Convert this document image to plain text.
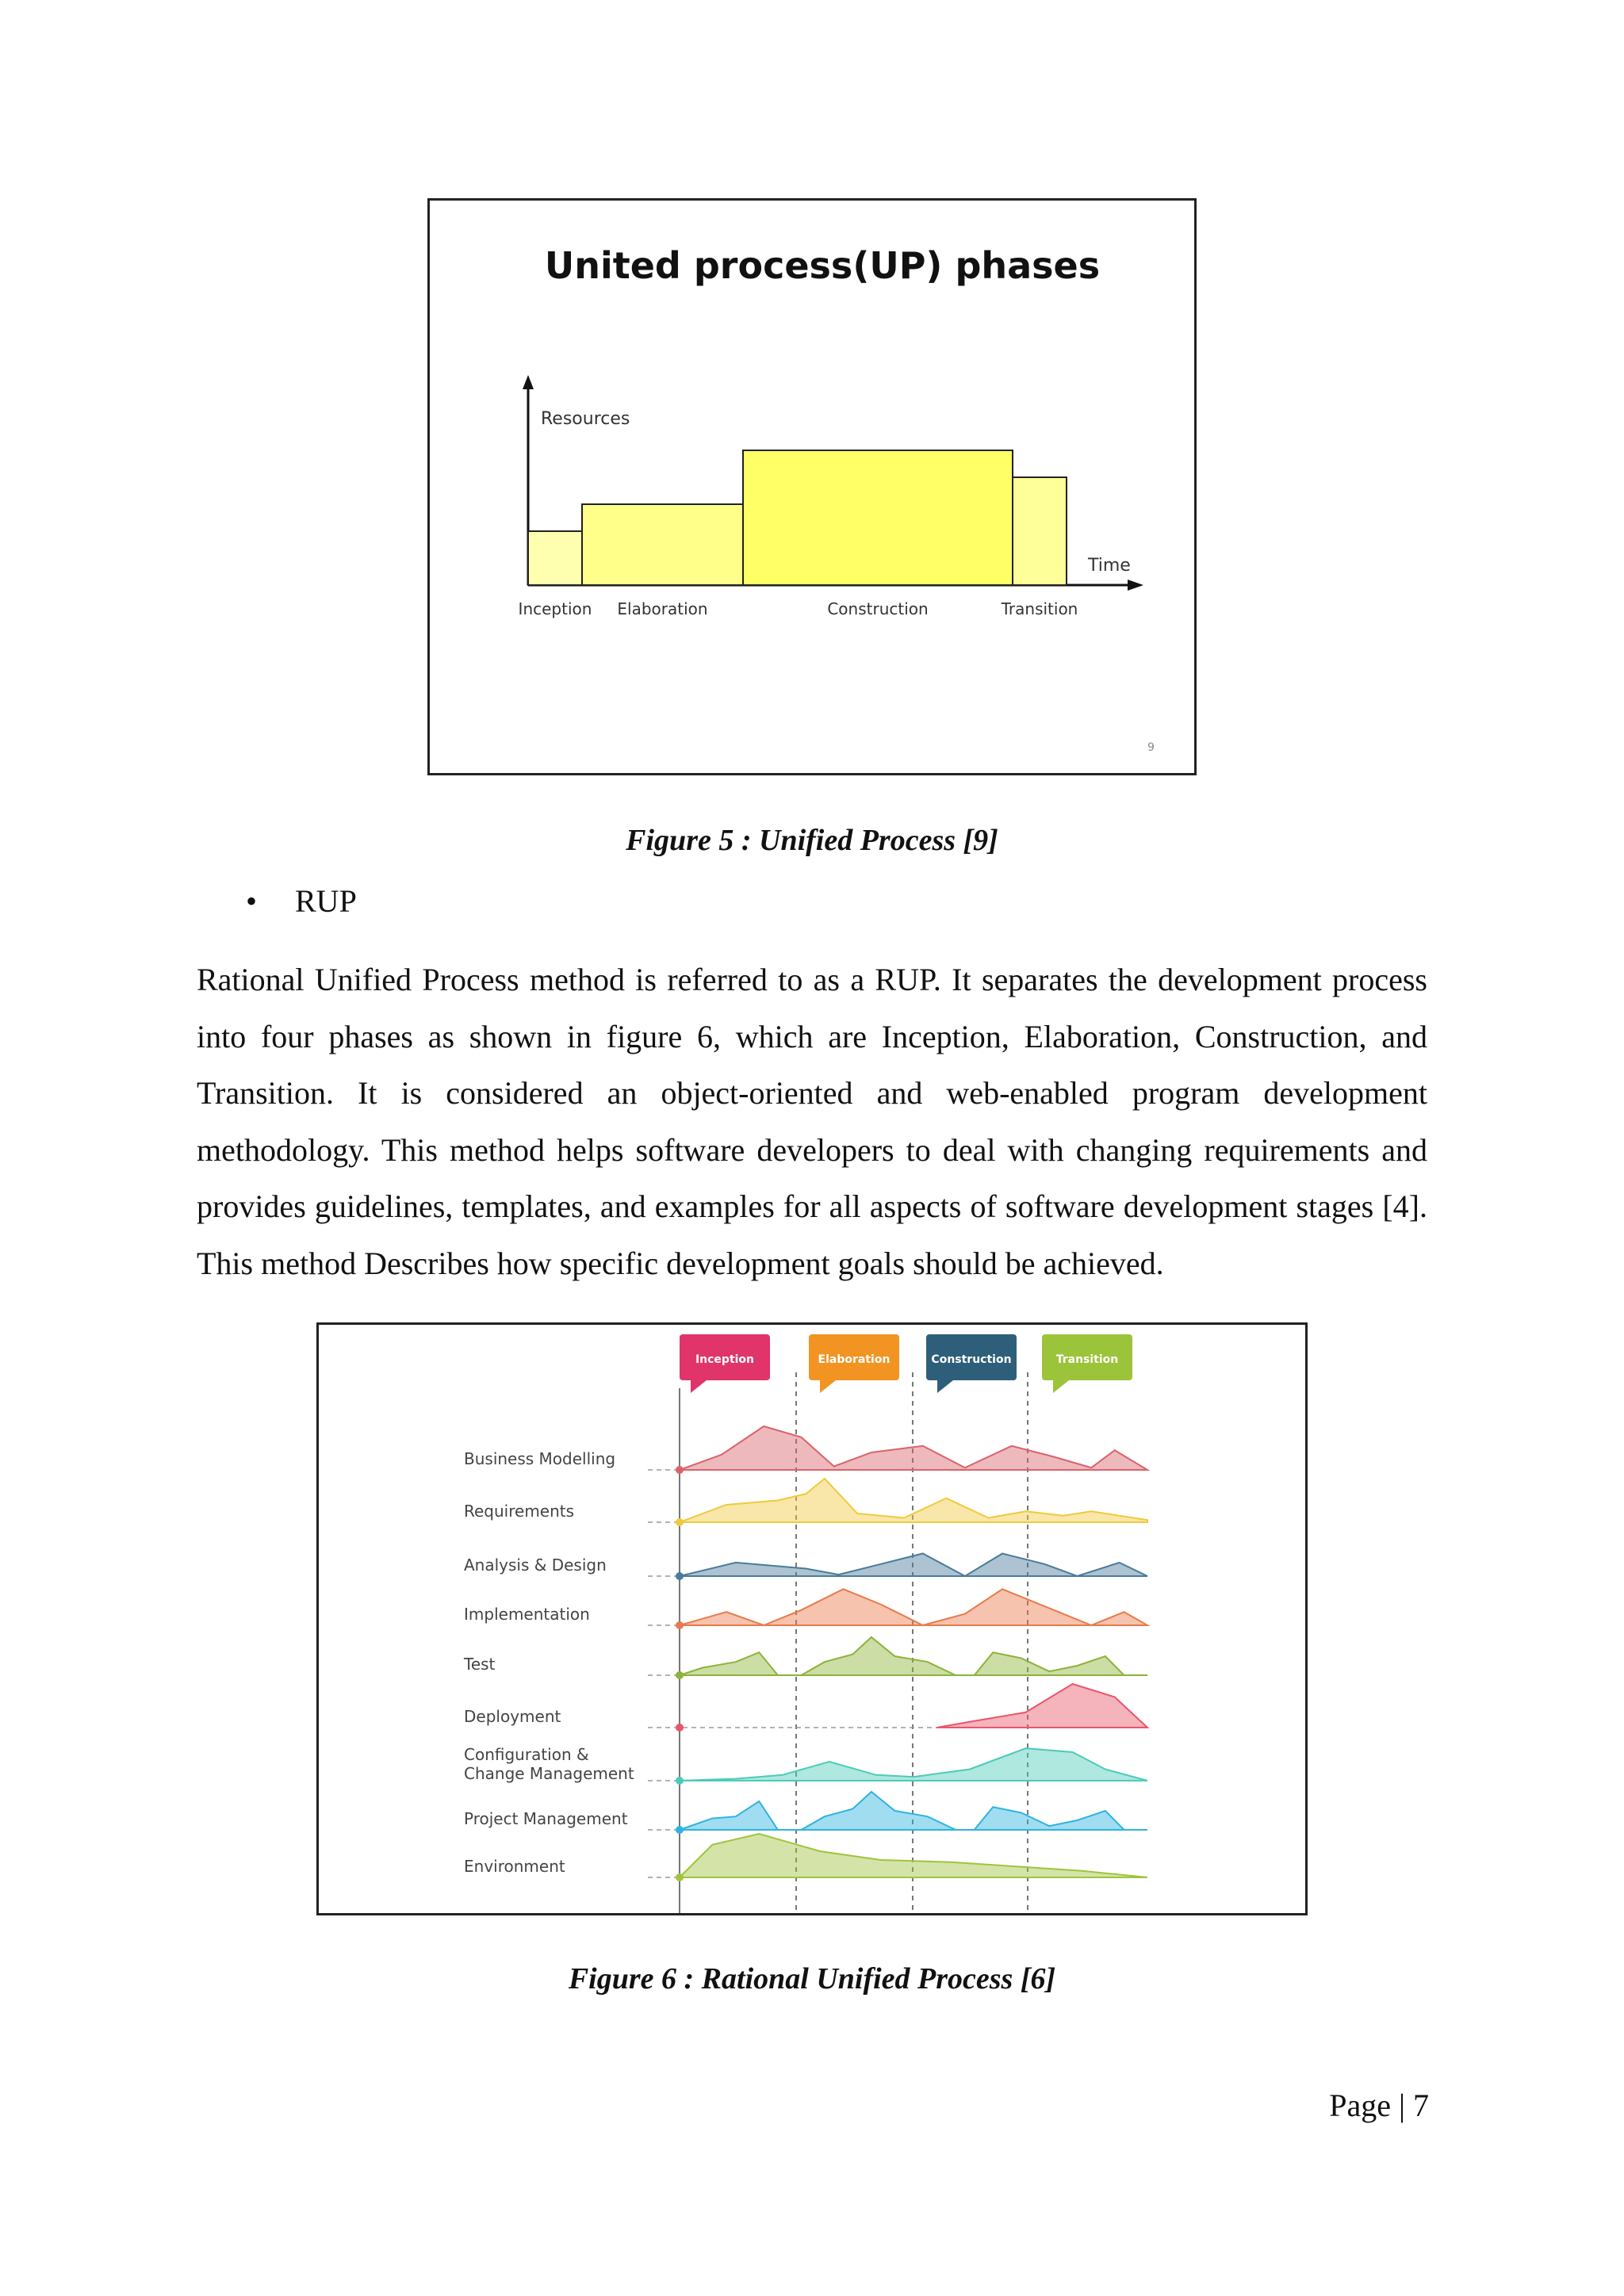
United process(UP) phases
Resources
Time
Inception Elaboration	Construction	Transition
9
Figure 5 : Unified Process [9]
• RUP
Rational Unified Process method is referred to as a RUP. It separates the development process into four phases as shown in figure 6, which are Inception, Elaboration, Construction, and Transition. It is considered an object-oriented and web-enabled program development methodology. This method helps software developers to deal with changing requirements and provides guidelines, templates, and examples for all aspects of software development stages [4]. This method Describes how specific development goals should be achieved.
Inception	Elaboration	Construction	Transition
Business Modelling
Requirements
Analysis & Design
Implementation
Test
Deployment
Configuration & Change Management
Project Management
Environment
Figure 6 : Rational Unified Process [6]
Page | 7
